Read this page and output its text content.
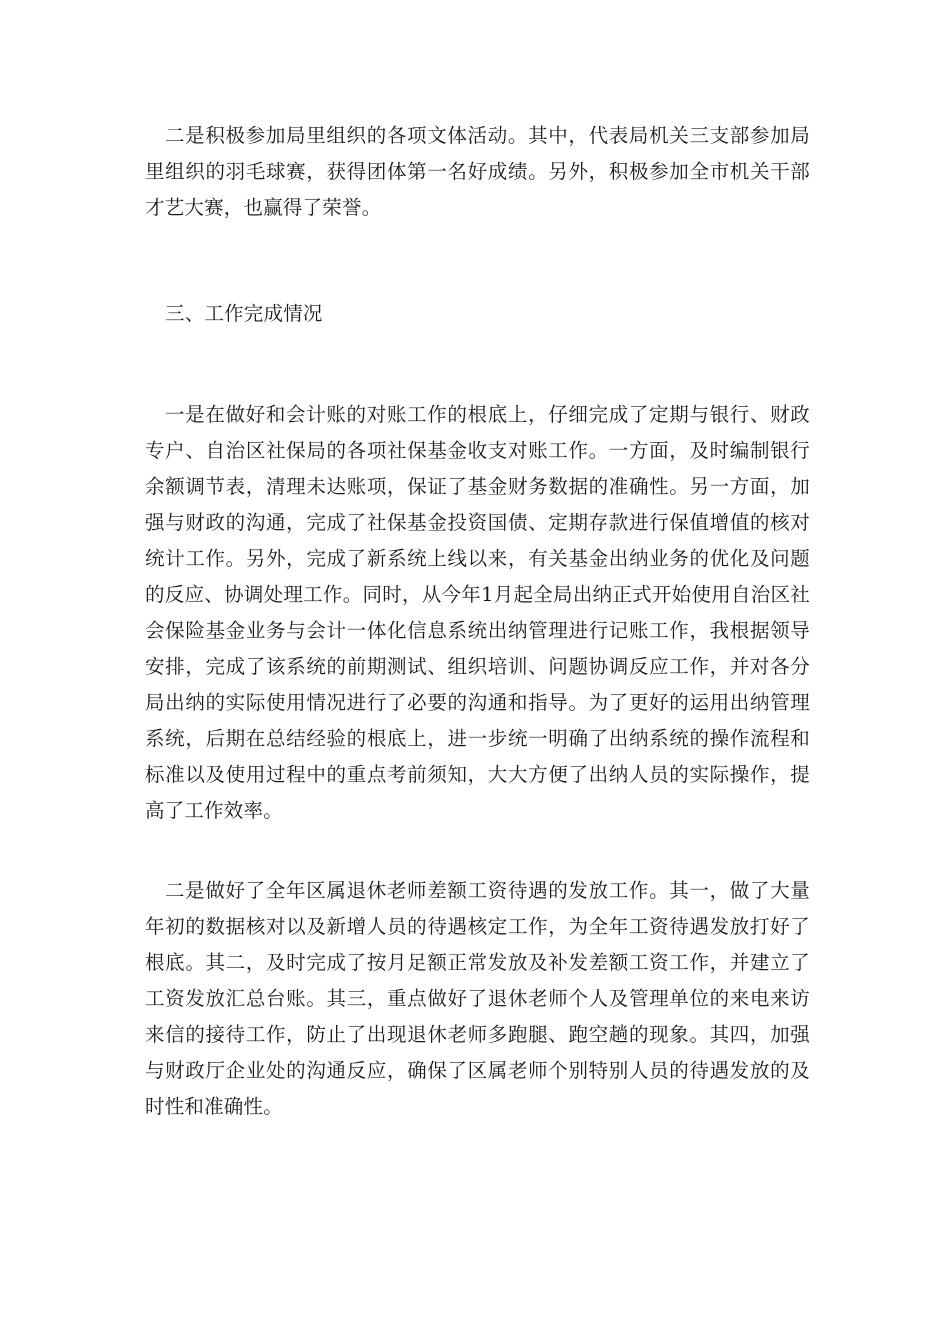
二是积极参加局里组织的各项文体活动。其中，代表局机关三支部参加局里组织的羽毛球赛，获得团体第一名好成绩。另外，积极参加全市机关干部才艺大赛，也赢得了荣誉。

三、工作完成情况

一是在做好和会计账的对账工作的根底上，仔细完成了定期与银行、财政专户、自治区社保局的各项社保基金收支对账工作。一方面，及时编制银行余额调节表，清理未达账项，保证了基金财务数据的准确性。另一方面，加强与财政的沟通，完成了社保基金投资国债、定期存款进行保值增值的核对统计工作。另外，完成了新系统上线以来，有关基金出纳业务的优化及问题的反应、协调处理工作。同时，从今年1月起全局出纳正式开始使用自治区社会保险基金业务与会计一体化信息系统出纳管理进行记账工作，我根据领导安排，完成了该系统的前期测试、组织培训、问题协调反应工作，并对各分局出纳的实际使用情况进行了必要的沟通和指导。为了更好的运用出纳管理系统，后期在总结经验的根底上，进一步统一明确了出纳系统的操作流程和标准以及使用过程中的重点考前须知，大大方便了出纳人员的实际操作，提高了工作效率。

二是做好了全年区属退休老师差额工资待遇的发放工作。其一，做了大量年初的数据核对以及新增人员的待遇核定工作，为全年工资待遇发放打好了根底。其二，及时完成了按月足额正常发放及补发差额工资工作，并建立了工资发放汇总台账。其三，重点做好了退休老师个人及管理单位的来电来访来信的接待工作，防止了出现退休老师多跑腿、跑空趟的现象。其四，加强与财政厅企业处的沟通反应，确保了区属老师个别特别人员的待遇发放的及时性和准确性。
